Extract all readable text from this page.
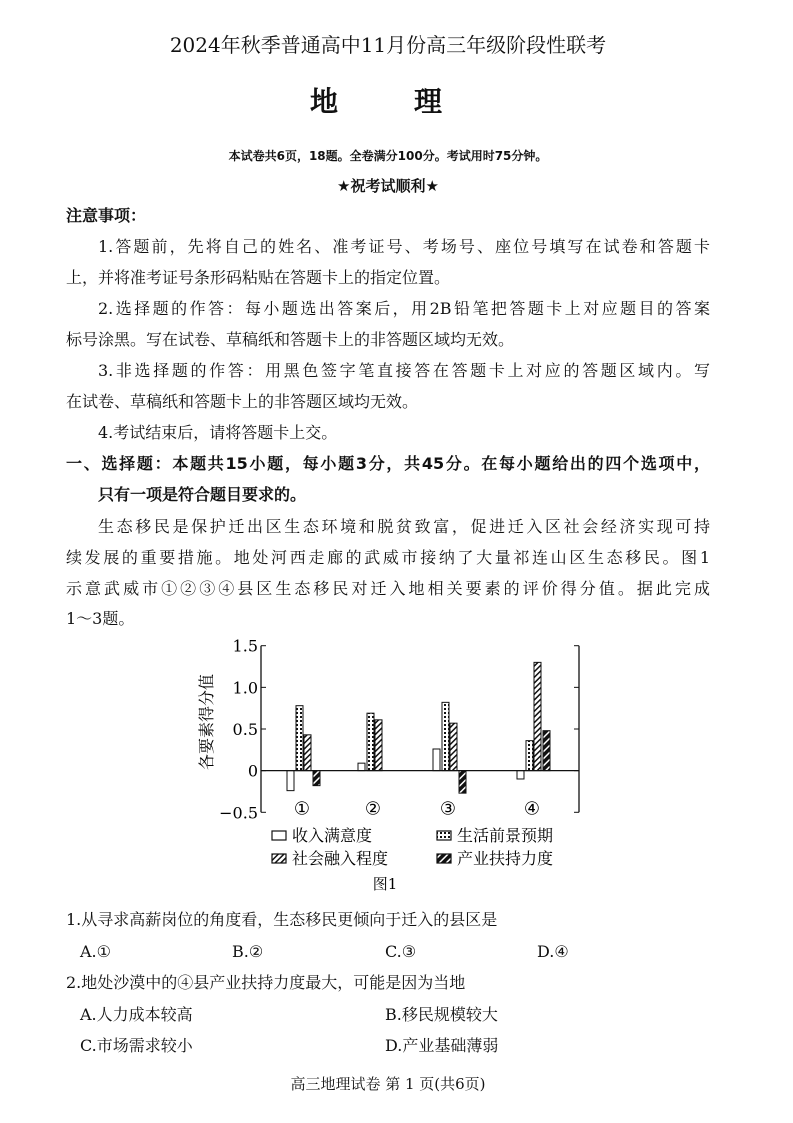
2024年秋季普通高中11月份高三年级阶段性联考
地　理
本试卷共6页，18题。全卷满分100分。考试用时75分钟。
★祝考试顺利★
注意事项：
1.答题前，先将自己的姓名、准考证号、考场号、座位号填写在试卷和答题卡
上，并将准考证号条形码粘贴在答题卡上的指定位置。
2.选择题的作答：每小题选出答案后，用2B铅笔把答题卡上对应题目的答案
标号涂黑。写在试卷、草稿纸和答题卡上的非答题区域均无效。
3.非选择题的作答：用黑色签字笔直接答在答题卡上对应的答题区域内。写
在试卷、草稿纸和答题卡上的非答题区域均无效。
4.考试结束后，请将答题卡上交。
一、选择题：本题共15小题，每小题3分，共45分。在每小题给出的四个选项中，
只有一项是符合题目要求的。
生态移民是保护迁出区生态环境和脱贫致富，促进迁入区社会经济实现可持
续发展的重要措施。地处河西走廊的武威市接纳了大量祁连山区生态移民。图1
示意武威市①②③④县区生态移民对迁入地相关要素的评价得分值。据此完成
1～3题。
各要素得分值
1.5
1.0
0.5
0
−0.5 ①	②	③	④
收入满意度	生活前景预期
社会融入程度	产业扶持力度
图1
1.从寻求高薪岗位的角度看，生态移民更倾向于迁入的县区是
A.①	B.②	C.③	D.④
2.地处沙漠中的④县产业扶持力度最大，可能是因为当地
A.人力成本较高	B.移民规模较大
C.市场需求较小	D.产业基础薄弱
高三地理试卷 第 1 页(共6页)
